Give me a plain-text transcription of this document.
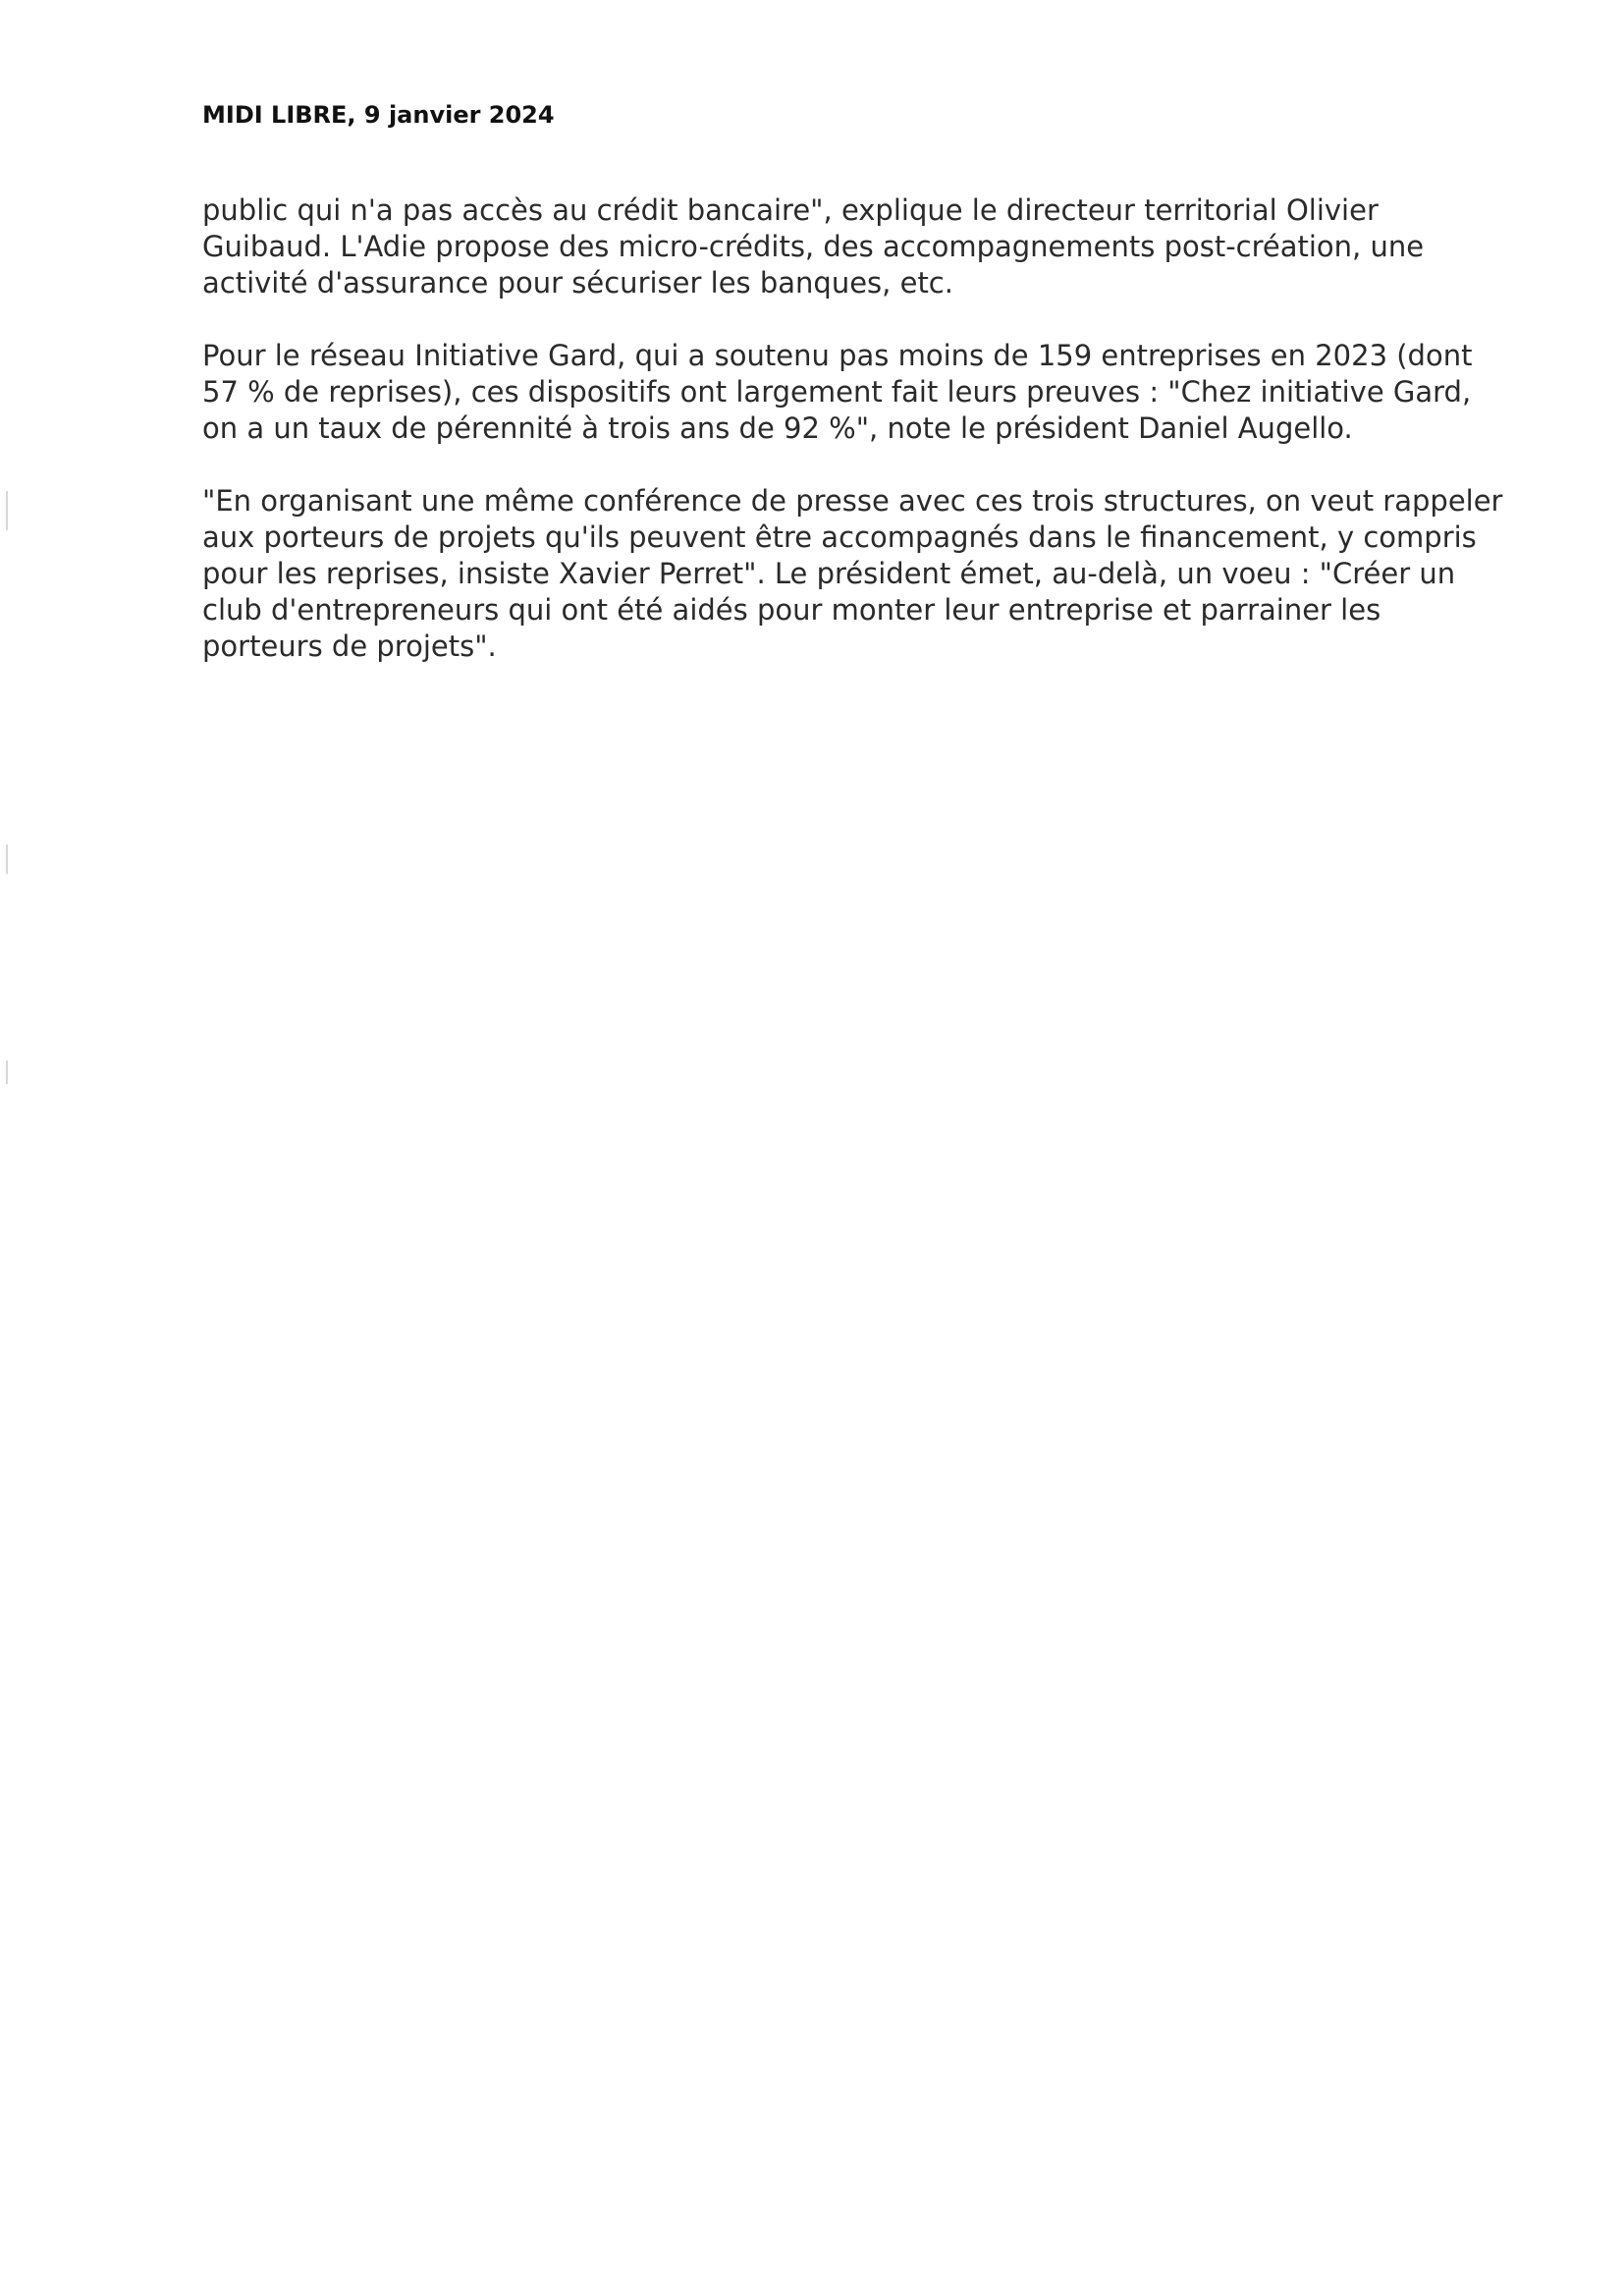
MIDI LIBRE, 9 janvier 2024

public qui n'a pas accès au crédit bancaire", explique le directeur territorial Olivier
Guibaud. L'Adie propose des micro-crédits, des accompagnements post-création, une
activité d'assurance pour sécuriser les banques, etc.

Pour le réseau Initiative Gard, qui a soutenu pas moins de 159 entreprises en 2023 (dont
57 % de reprises), ces dispositifs ont largement fait leurs preuves : "Chez initiative Gard,
on a un taux de pérennité à trois ans de 92 %", note le président Daniel Augello.

"En organisant une même conférence de presse avec ces trois structures, on veut rappeler
aux porteurs de projets qu'ils peuvent être accompagnés dans le financement, y compris
pour les reprises, insiste Xavier Perret". Le président émet, au-delà, un voeu : "Créer un
club d'entrepreneurs qui ont été aidés pour monter leur entreprise et parrainer les
porteurs de projets".
